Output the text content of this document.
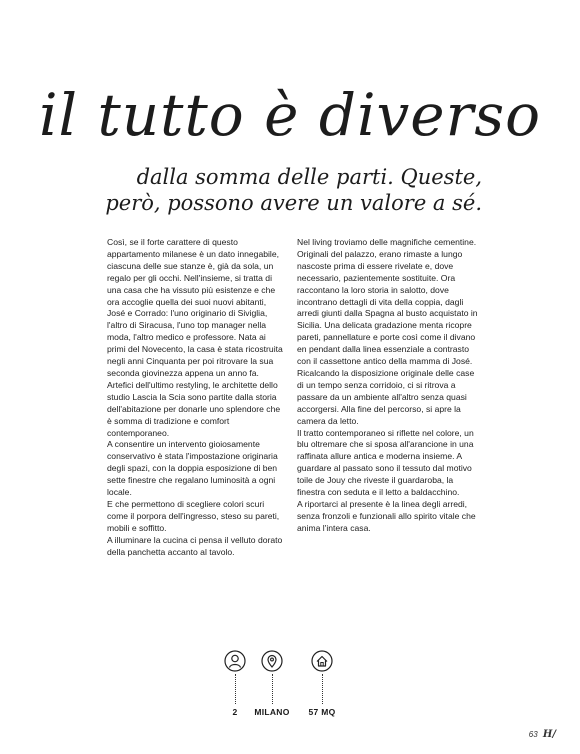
il tutto è diverso
dalla somma delle parti. Queste,
però, possono avere un valore a sé.

Così, se il forte carattere di questo appartamento milanese è un dato innegabile, ciascuna delle sue stanze è, già da sola, un regalo per gli occhi. Nell'insieme, si tratta di una casa che ha vissuto più esistenze e che ora accoglie quella dei suoi nuovi abitanti, José e Corrado: l'uno originario di Siviglia, l'altro di Siracusa, l'uno top manager nella moda, l'altro medico e professore. Nata ai primi del Novecento, la casa è stata ricostruita negli anni Cinquanta per poi ritrovare la sua seconda giovinezza appena un anno fa. Artefici dell'ultimo restyling, le architette dello studio Lascia la Scia sono partite dalla storia dell'abitazione per donarle uno splendore che è somma di tradizione e comfort contemporaneo.

A consentire un intervento gioiosamente conservativo è stata l'impostazione originaria degli spazi, con la doppia esposizione di ben sette finestre che regalano luminosità a ogni locale.

E che permettono di scegliere colori scuri come il porpora dell'ingresso, steso su pareti, mobili e soffitto.

A illuminare la cucina ci pensa il velluto dorato della panchetta accanto al tavolo.

Nel living troviamo delle magnifiche cementine. Originali del palazzo, erano rimaste a lungo nascoste prima di essere rivelate e, dove necessario, pazientemente sostituite. Ora raccontano la loro storia in salotto, dove incontrano dettagli di vita della coppia, dagli arredi giunti dalla Spagna al busto acquistato in Sicilia. Una delicata gradazione menta ricopre pareti, pannellature e porte così come il divano en pendant dalla linea essenziale a contrasto con il cassettone antico della mamma di José. Ricalcando la disposizione originale delle case di un tempo senza corridoio, ci si ritrova a passare da un ambiente all'altro senza quasi accorgersi. Alla fine del percorso, si apre la camera da letto.

Il tratto contemporaneo si riflette nel colore, un blu oltremare che si sposa all'arancione in una raffinata allure antica e moderna insieme. A guardare al passato sono il tessuto dal motivo toile de Jouy che riveste il guardaroba, la finestra con seduta e il letto a baldacchino.

A riportarci al presente è la linea degli arredi, senza fronzoli e funzionali allo spirito vitale che anima l'intera casa.

2	MILANO	57 MQ
63 H/
